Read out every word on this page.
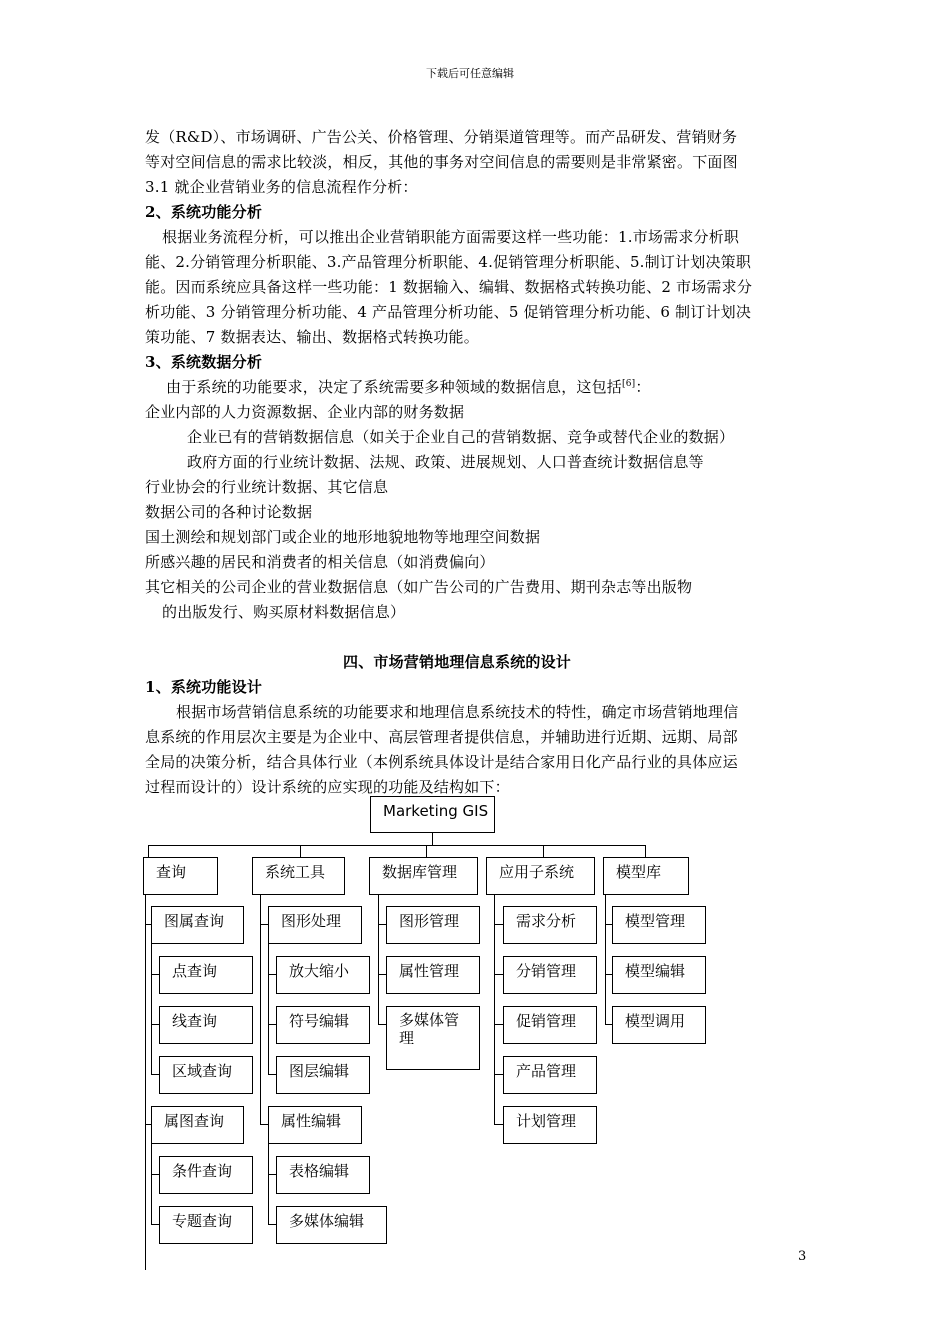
下载后可任意编辑
发（R&D）、市场调研、广告公关、价格管理、分销渠道管理等。而产品研发、营销财务
等对空间信息的需求比较淡，相反，其他的事务对空间信息的需要则是非常紧密。下面图
3.1 就企业营销业务的信息流程作分析：
2、系统功能分析
根据业务流程分析，可以推出企业营销职能方面需要这样一些功能：1.市场需求分析职
能、2.分销管理分析职能、3.产品管理分析职能、4.促销管理分析职能、5.制订计划决策职
能。因而系统应具备这样一些功能：1 数据输入、编辑、数据格式转换功能、2 市场需求分
析功能、3 分销管理分析功能、4 产品管理分析功能、5 促销管理分析功能、6 制订计划决
策功能、7 数据表达、输出、数据格式转换功能。
3、系统数据分析
由于系统的功能要求，决定了系统需要多种领域的数据信息，这包括[6]：
企业内部的人力资源数据、企业内部的财务数据
企业已有的营销数据信息（如关于企业自己的营销数据、竞争或替代企业的数据）
政府方面的行业统计数据、法规、政策、进展规划、人口普查统计数据信息等
行业协会的行业统计数据、其它信息
数据公司的各种讨论数据
国土测绘和规划部门或企业的地形地貌地物等地理空间数据
所感兴趣的居民和消费者的相关信息（如消费偏向）
其它相关的公司企业的营业数据信息（如广告公司的广告费用、期刊杂志等出版物
的出版发行、购买原材料数据信息）
四、市场营销地理信息系统的设计
1、系统功能设计
根据市场营销信息系统的功能要求和地理信息系统技术的特性，确定市场营销地理信
息系统的作用层次主要是为企业中、高层管理者提供信息，并辅助进行近期、远期、局部
全局的决策分析，结合具体行业（本例系统具体设计是结合家用日化产品行业的具体应运
过程而设计的）设计系统的应实现的功能及结构如下：
Marketing GIS
查询	系统工具	数据库管理	应用子系统	模型库
图属查询
点查询
线查询
区域查询
属图查询
条件查询
专题查询
图形处理
放大缩小
符号编辑
图层编辑
属性编辑
表格编辑
多媒体编辑
图形管理
属性管理
多媒体管
理
需求分析
分销管理
促销管理
产品管理
计划管理
模型管理
模型编辑
模型调用
3
